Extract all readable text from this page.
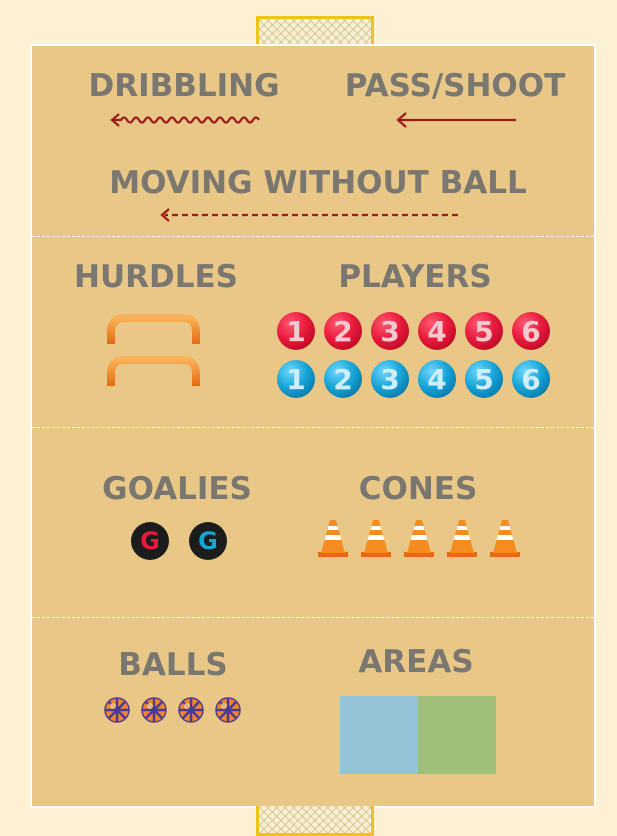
DRIBBLING PASS/SHOOT

MOVING WITHOUT BALL

HURDLES	PLAYERS

GOALIES	CONES

BALLS	AREAS

1 2 3 4 5 6
1 2 3 4 5 6
G	G
